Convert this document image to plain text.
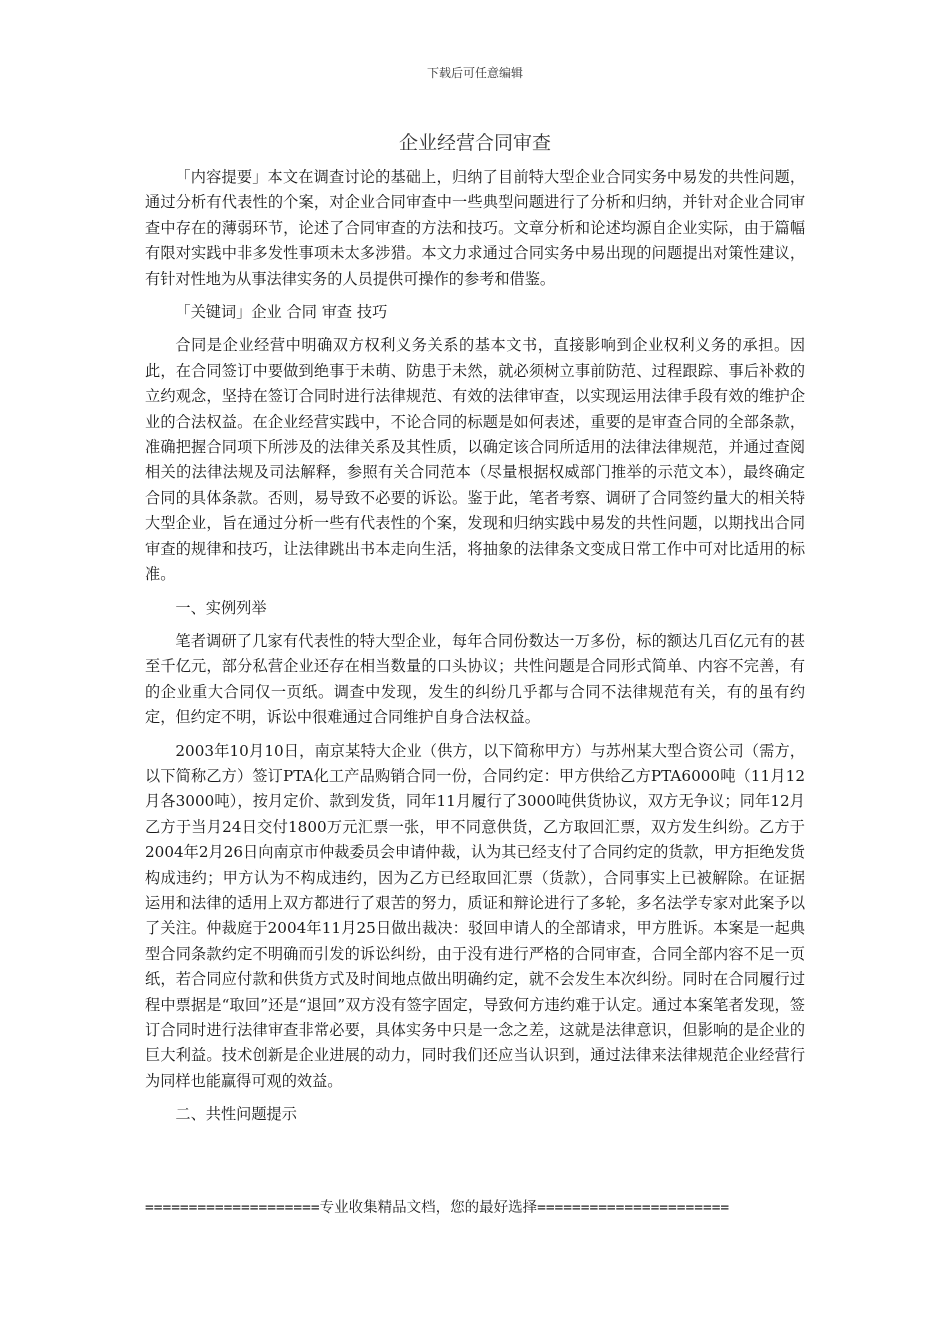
下载后可任意编辑
企业经营合同审查

「内容提要」本文在调查讨论的基础上，归纳了目前特大型企业合同实务中易发的共性问题，通过分析有代表性的个案，对企业合同审查中一些典型问题进行了分析和归纳，并针对企业合同审查中存在的薄弱环节，论述了合同审查的方法和技巧。文章分析和论述均源自企业实际，由于篇幅有限对实践中非多发性事项未太多涉猎。本文力求通过合同实务中易出现的问题提出对策性建议，有针对性地为从事法律实务的人员提供可操作的参考和借鉴。

「关键词」企业 合同 审查 技巧

合同是企业经营中明确双方权利义务关系的基本文书，直接影响到企业权利义务的承担。因此，在合同签订中要做到绝事于未萌、防患于未然，就必须树立事前防范、过程跟踪、事后补救的立约观念，坚持在签订合同时进行法律规范、有效的法律审查，以实现运用法律手段有效的维护企业的合法权益。在企业经营实践中，不论合同的标题是如何表述，重要的是审查合同的全部条款，准确把握合同项下所涉及的法律关系及其性质，以确定该合同所适用的法律法律规范，并通过查阅相关的法律法规及司法解释，参照有关合同范本（尽量根据权威部门推举的示范文本），最终确定合同的具体条款。否则，易导致不必要的诉讼。鉴于此，笔者考察、调研了合同签约量大的相关特大型企业，旨在通过分析一些有代表性的个案，发现和归纳实践中易发的共性问题，以期找出合同审查的规律和技巧，让法律跳出书本走向生活，将抽象的法律条文变成日常工作中可对比适用的标准。

一、实例列举

笔者调研了几家有代表性的特大型企业，每年合同份数达一万多份，标的额达几百亿元有的甚至千亿元，部分私营企业还存在相当数量的口头协议；共性问题是合同形式简单、内容不完善，有的企业重大合同仅一页纸。调查中发现，发生的纠纷几乎都与合同不法律规范有关，有的虽有约定，但约定不明，诉讼中很难通过合同维护自身合法权益。

2003年10月10日，南京某特大企业（供方，以下简称甲方）与苏州某大型合资公司（需方，以下简称乙方）签订PTA化工产品购销合同一份，合同约定：甲方供给乙方PTA6000吨（11月12月各3000吨），按月定价、款到发货，同年11月履行了3000吨供货协议，双方无争议；同年12月乙方于当月24日交付1800万元汇票一张，甲不同意供货，乙方取回汇票，双方发生纠纷。乙方于2004年2月26日向南京市仲裁委员会申请仲裁，认为其已经支付了合同约定的货款，甲方拒绝发货构成违约；甲方认为不构成违约，因为乙方已经取回汇票（货款），合同事实上已被解除。在证据运用和法律的适用上双方都进行了艰苦的努力，质证和辩论进行了多轮，多名法学专家对此案予以了关注。仲裁庭于2004年11月25日做出裁决：驳回申请人的全部请求，甲方胜诉。本案是一起典型合同条款约定不明确而引发的诉讼纠纷，由于没有进行严格的合同审查，合同全部内容不足一页纸，若合同应付款和供货方式及时间地点做出明确约定，就不会发生本次纠纷。同时在合同履行过程中票据是“取回”还是“退回”双方没有签字固定，导致何方违约难于认定。通过本案笔者发现，签订合同时进行法律审查非常必要，具体实务中只是一念之差，这就是法律意识，但影响的是企业的巨大利益。技术创新是企业进展的动力，同时我们还应当认识到，通过法律来法律规范企业经营行为同样也能赢得可观的效益。

二、共性问题提示

====================专业收集精品文档，您的最好选择======================
